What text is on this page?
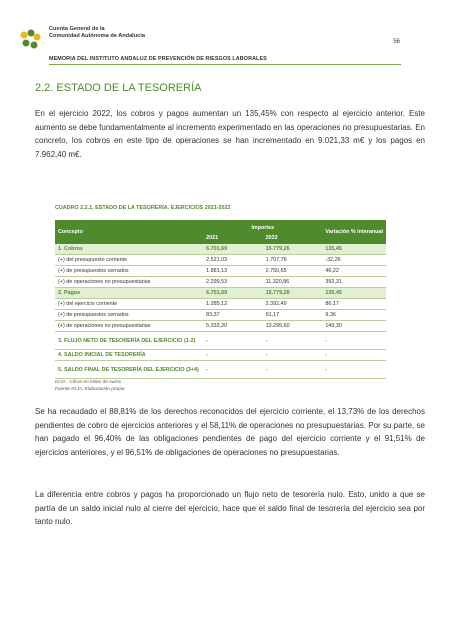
Cuenta General de la
Comunidad Autónoma de Andalucía
56
MEMORIA DEL INSTITUTO ANDALUZ DE PREVENCIÓN DE RIESGOS LABORALES
2.2. ESTADO DE LA TESORERÍA
En el ejercicio 2022, los cobros y pagos aumentan un 135,45% con respecto al ejercicio anterior. Este aumento se debe fundamentalmente al incremento experimentado en las operaciones no presupuestarias. En concreto, los cobros en este tipo de operaciones se han incrementado en 9.021,33 m€ y los pagos en 7.962,40 m€.
CUADRO 2.2.1. ESTADO DE LA TESORERÍA. EJERCICIOS 2021-2022
Concepto	Importes		Variación % interanual
	2021	2022	
1. Cobros	6.701,69	15.779,26	135,45
(+) del presupuesto corriente	2.521,03	1.707,76	-32,26
(+) de presupuestos cerrados	1.881,13	2.750,65	46,22
(+) de operaciones no presupuestarias	2.299,53	11.320,86	392,31
2. Pagos	6.701,69	15.779,26	135,45
(+) del ejercicio corriente	1.285,12	2.392,49	86,17
(+) de presupuestos cerrados	83,37	91,17	9,36
(+) de operaciones no presupuestarias	5.333,20	13.295,60	149,30
3. FLUJO NETO DE TESORERÍA DEL EJERCICIO (1-2)	-	-	-
4. SALDO INICIAL DE TESORERÍA	-	-	-
5. SALDO FINAL DE TESORERÍA DEL EJERCICIO (3+4)	-	-	-
IGJA : Cifras en miles de euros
Fuente IGJA. Elaboración propia
Se ha recaudado el 88,81% de los derechos reconocidos del ejercicio corriente, el 13,73% de los derechos pendientes de cobro de ejercicios anteriores y el 58,11% de operaciones no presupuestarias. Por su parte, se han pagado el 96,40% de las obligaciones pendientes de pago del ejercicio corriente y el 91,51% de ejercicios anteriores, y el 96,51% de obligaciones de operaciones no presupuestarias.
La diferencia entre cobros y pagos ha proporcionado un flujo neto de tesorería nulo. Esto, unido a que se partía de un saldo inicial nulo al cierre del ejercicio, hace que el saldo final de tesorería del ejercicio sea por tanto nulo.
